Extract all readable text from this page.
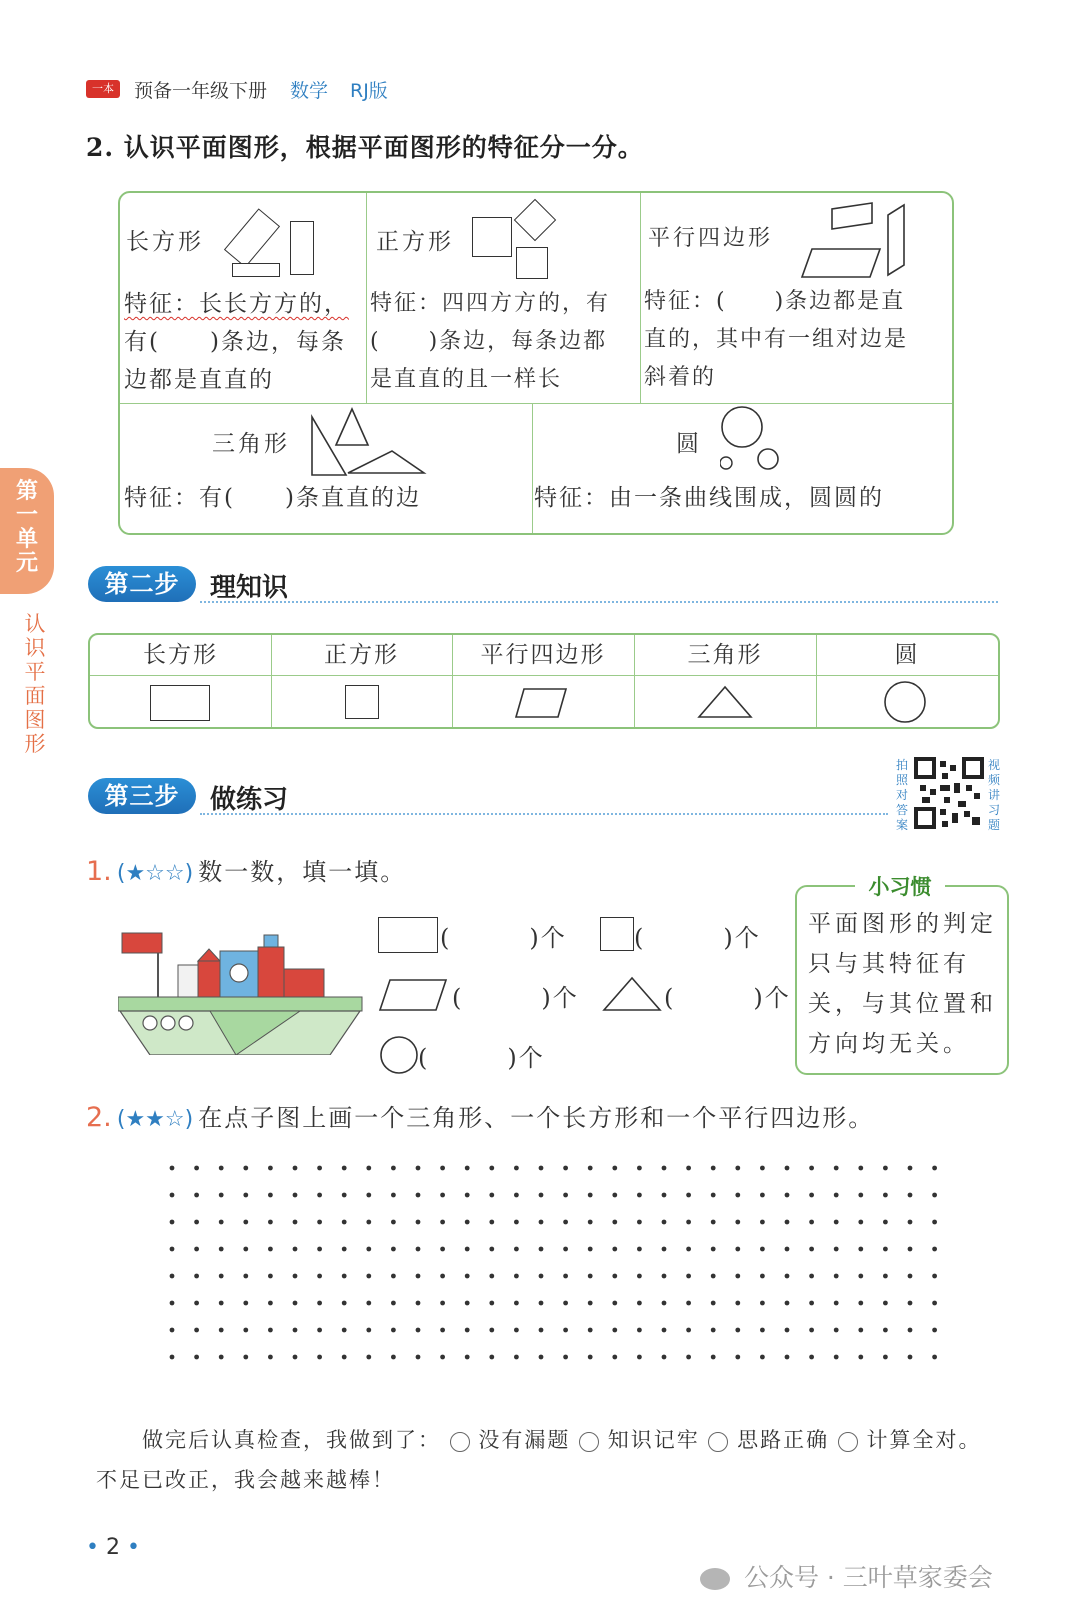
一本	预备一年级下册 数学 RJ版
2. 认识平面图形，根据平面图形的特征分一分。
长方形
特征：长长方方的，
有(　　)条边，每条
边都是直直的
正方形
特征：四四方方的，有
(　　)条边，每条边都
是直直的且一样长
平行四边形
特征：(　　)条边都是直
直的，其中有一组对边是
斜着的
三角形
特征：有(　　)条直直的边
圆
特征：由一条曲线围成，圆圆的
第一单元
认识平面图形
第二步	理知识
长方形	正方形	平行四边形	三角形	圆
第三步	做练习
拍照对答案
视频讲习题
1. (★☆☆) 数一数，填一填。
(　　　)个	(　　　)个
(　　　)个	(　　　)个
(　　　)个
小习惯
平面图形的判定只与其特征有关，与其位置和方向均无关。
2. (★★☆) 在点子图上画一个三角形、一个长方形和一个平行四边形。
做完后认真检查，我做到了： 没有漏题 知识记牢 思路正确 计算全对。
不足已改正，我会越来越棒！
• 2 •
公众号 · 三叶草家委会
